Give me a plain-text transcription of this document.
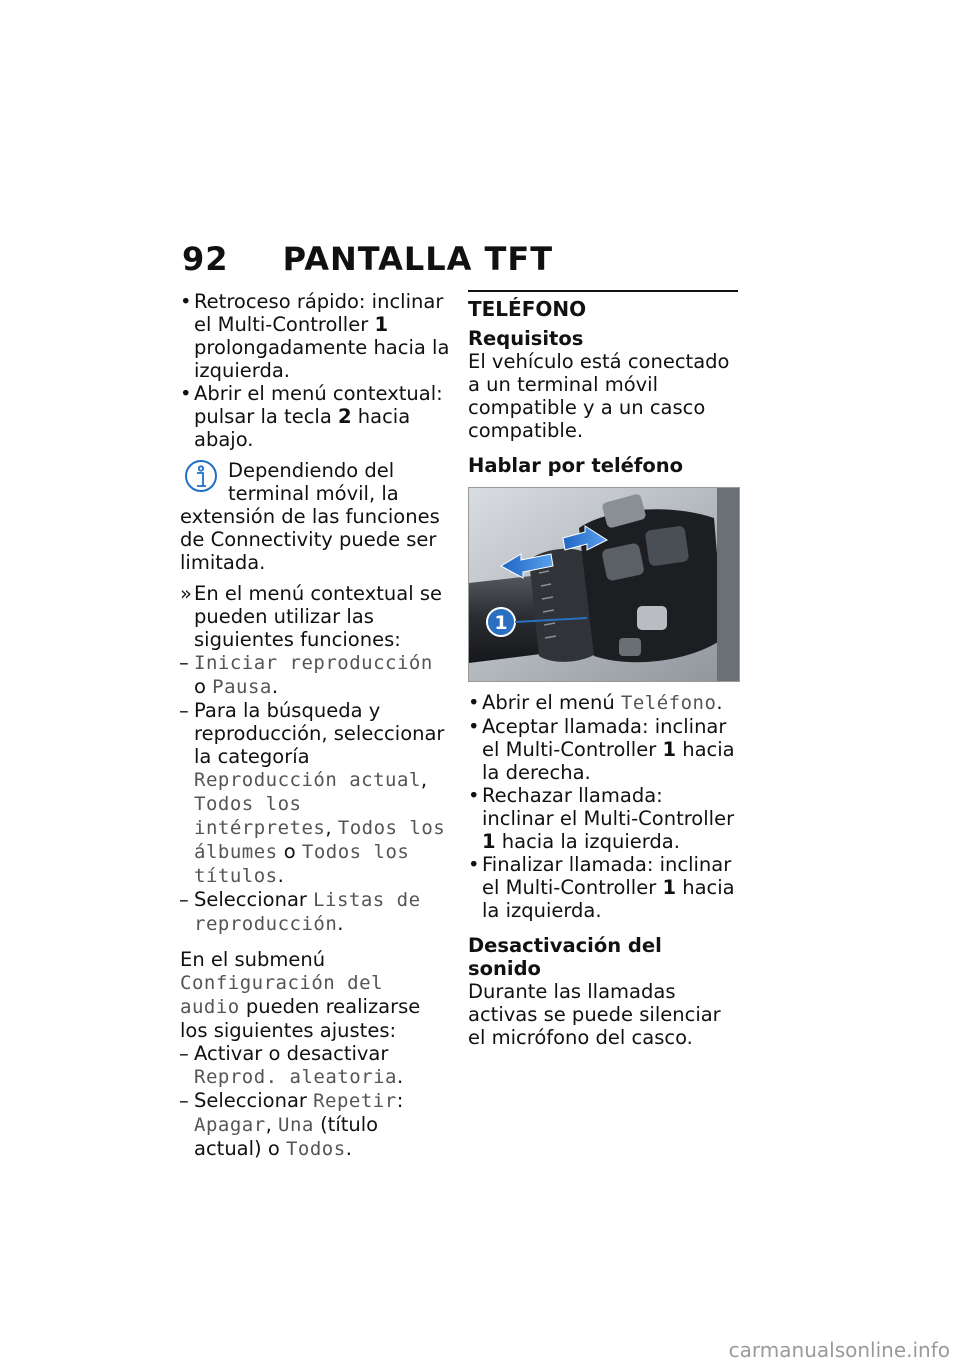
92 PANTALLA TFT
• Retroceso rápido: inclinar el Multi-Controller 1 prolongadamente hacia la izquierda.
• Abrir el menú contextual: pulsar la tecla 2 hacia abajo.

Dependiendo del terminal móvil, la extensión de las funciones de Connectivity puede ser limitada.

» En el menú contextual se pueden utilizar las siguientes funciones:
– Iniciar reproducción o Pausa.
– Para la búsqueda y reproducción, seleccionar la categoría Reproducción actual, Todos los intérpretes, Todos los álbumes o Todos los títulos.
– Seleccionar Listas de reproducción.

En el submenú Configuración del audio pueden realizarse los siguientes ajustes:

– Activar o desactivar Reprod. aleatoria.
– Seleccionar Repetir: Apagar, Una (título actual) o Todos.
TELÉFONO
Requisitos

El vehículo está conectado a un terminal móvil compatible y a un casco compatible.

Hablar por teléfono
1
• Abrir el menú Teléfono.
• Aceptar llamada: inclinar el Multi-Controller 1 hacia la derecha.
• Rechazar llamada: inclinar el Multi-Controller 1 hacia la izquierda.
• Finalizar llamada: inclinar el Multi-Controller 1 hacia la izquierda.
Desactivación del sonido

Durante las llamadas activas se puede silenciar el micrófono del casco.

carmanualsonline.info
